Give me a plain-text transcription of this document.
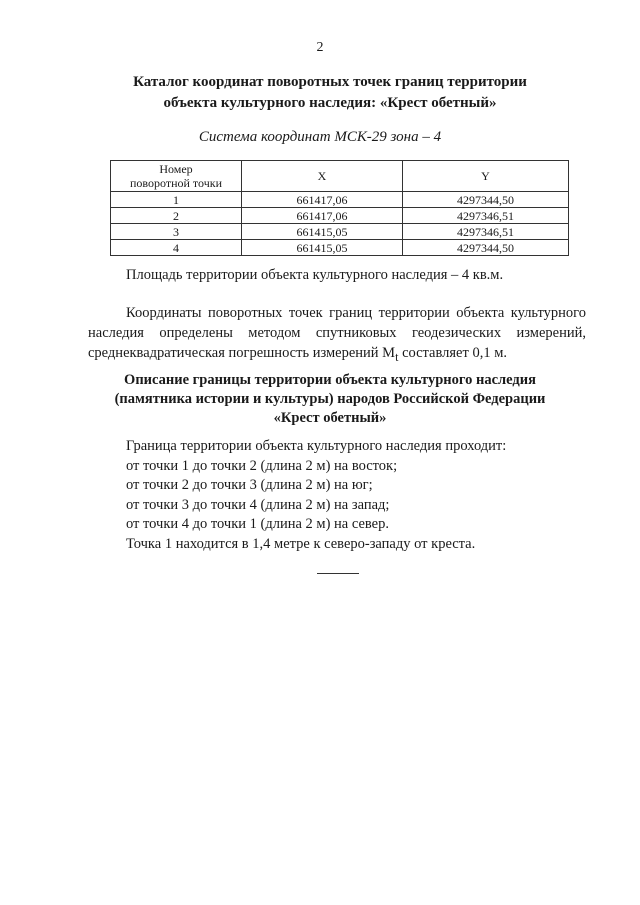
2
Каталог координат поворотных точек границ территории
объекта культурного наследия: «Крест обетный»
Система координат МСК-29 зона – 4
Номер
поворотной точки	X	Y
1	661417,06	4297344,50
2	661417,06	4297346,51
3	661415,05	4297346,51
4	661415,05	4297344,50
Площадь территории объекта культурного наследия – 4 кв.м.
Координаты поворотных точек границ территории объекта культурного наследия определены методом спутниковых геодезических измерений, среднеквадратическая погрешность измерений $M_t$ составляет 0,1 м.
Описание границы территории объекта культурного наследия
(памятника истории и культуры) народов Российской Федерации
«Крест обетный»
Граница территории объекта культурного наследия проходит:
от точки 1 до точки 2 (длина 2 м) на восток;
от точки 2 до точки 3 (длина 2 м) на юг;
от точки 3 до точки 4 (длина 2 м) на запад;
от точки 4 до точки 1 (длина 2 м) на север.
Точка 1 находится в 1,4 метре к северо-западу от креста.
